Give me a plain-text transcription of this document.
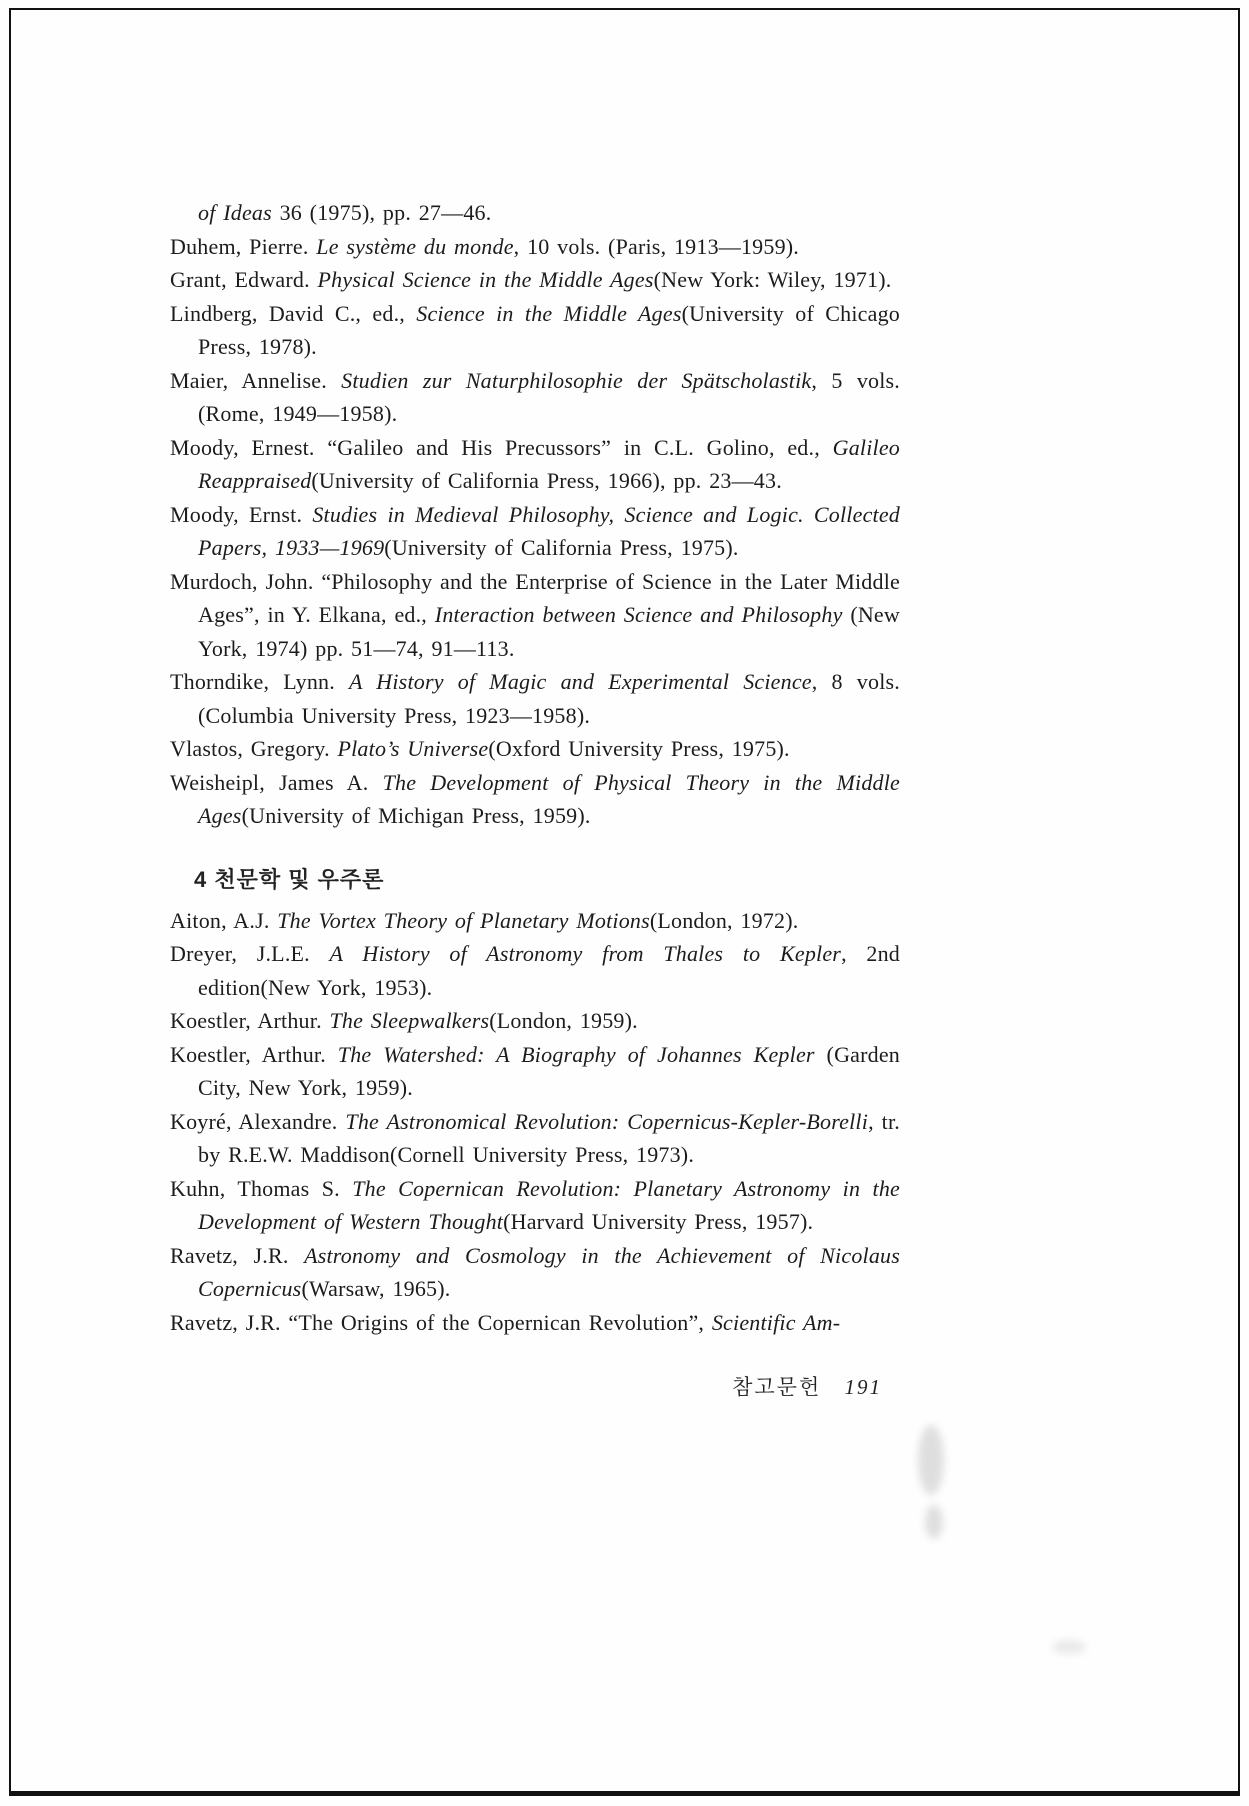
of Ideas 36 (1975), pp. 27—46.

Duhem, Pierre. Le système du monde, 10 vols. (Paris, 1913—1959).

Grant, Edward. Physical Science in the Middle Ages(New York: Wiley, 1971).

Lindberg, David C., ed., Science in the Middle Ages(University of Chicago Press, 1978).

Maier, Annelise. Studien zur Naturphilosophie der Spätscholastik, 5 vols. (Rome, 1949—1958).

Moody, Ernest. “Galileo and His Precussors” in C.L. Golino, ed., Galileo Reappraised(University of California Press, 1966), pp. 23—43.

Moody, Ernst. Studies in Medieval Philosophy, Science and Logic. Collected Papers, 1933—1969(University of California Press, 1975).

Murdoch, John. “Philosophy and the Enterprise of Science in the Later Middle Ages”, in Y. Elkana, ed., Interaction between Science and Philosophy (New York, 1974) pp. 51—74, 91—113.

Thorndike, Lynn. A History of Magic and Experimental Science, 8 vols. (Columbia University Press, 1923—1958).

Vlastos, Gregory. Plato’s Universe(Oxford University Press, 1975).

Weisheipl, James A. The Development of Physical Theory in the Middle Ages(University of Michigan Press, 1959).

4 천문학 및 우주론

Aiton, A.J. The Vortex Theory of Planetary Motions(London, 1972).

Dreyer, J.L.E. A History of Astronomy from Thales to Kepler, 2nd edition(New York, 1953).

Koestler, Arthur. The Sleepwalkers(London, 1959).

Koestler, Arthur. The Watershed: A Biography of Johannes Kepler (Garden City, New York, 1959).

Koyré, Alexandre. The Astronomical Revolution: Copernicus-Kepler-Borelli, tr. by R.E.W. Maddison(Cornell University Press, 1973).

Kuhn, Thomas S. The Copernican Revolution: Planetary Astronomy in the Development of Western Thought(Harvard University Press, 1957).

Ravetz, J.R. Astronomy and Cosmology in the Achievement of Nicolaus Copernicus(Warsaw, 1965).

Ravetz, J.R. “The Origins of the Copernican Revolution”, Scientific Am-

참고문헌 191
